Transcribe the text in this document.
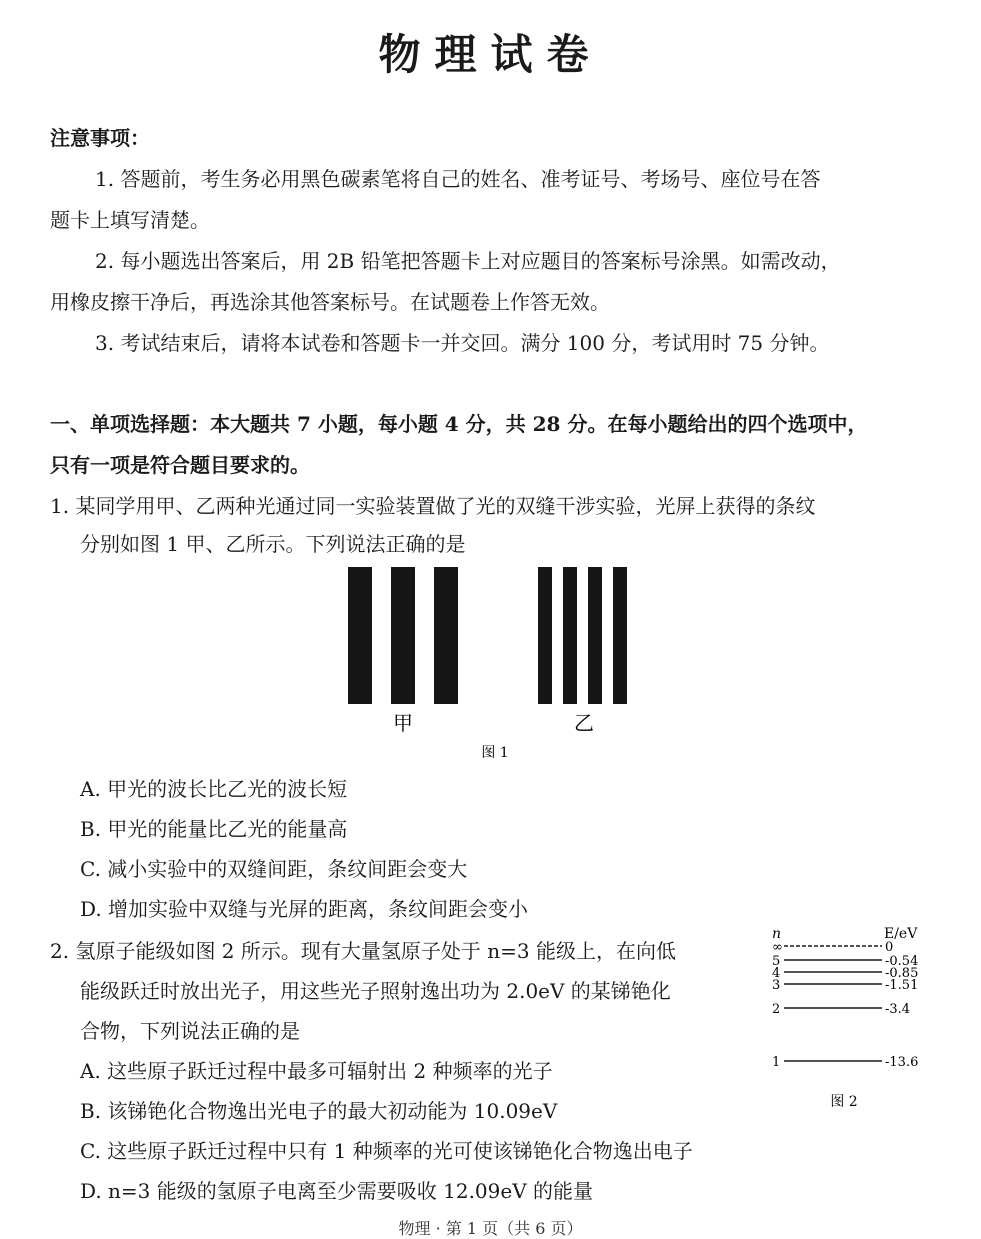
物理试卷
注意事项：
1. 答题前，考生务必用黑色碳素笔将自己的姓名、准考证号、考场号、座位号在答
题卡上填写清楚。
2. 每小题选出答案后，用 2B 铅笔把答题卡上对应题目的答案标号涂黑。如需改动，
用橡皮擦干净后，再选涂其他答案标号。在试题卷上作答无效。
3. 考试结束后，请将本试卷和答题卡一并交回。满分 100 分，考试用时 75 分钟。
一、单项选择题：本大题共 7 小题，每小题 4 分，共 28 分。在每小题给出的四个选项中，
只有一项是符合题目要求的。
1. 某同学用甲、乙两种光通过同一实验装置做了光的双缝干涉实验，光屏上获得的条纹
分别如图 1 甲、乙所示。下列说法正确的是
甲	乙
图 1
A. 甲光的波长比乙光的波长短
B. 甲光的能量比乙光的能量高
C. 减小实验中的双缝间距，条纹间距会变大
D. 增加实验中双缝与光屏的距离，条纹间距会变小
2. 氢原子能级如图 2 所示。现有大量氢原子处于 n=3 能级上，在向低
能级跃迁时放出光子，用这些光子照射逸出功为 2.0eV 的某锑铯化
合物，下列说法正确的是
A. 这些原子跃迁过程中最多可辐射出 2 种频率的光子
B. 该锑铯化合物逸出光电子的最大初动能为 10.09eV
C. 这些原子跃迁过程中只有 1 种频率的光可使该锑铯化合物逸出电子
D. n=3 能级的氢原子电离至少需要吸收 12.09eV 的能量
n	E/eV
∞	0
5	-0.54
4	-0.85
3	-1.51
2	-3.4
1	-13.6
图 2
物理 · 第 1 页（共 6 页）
